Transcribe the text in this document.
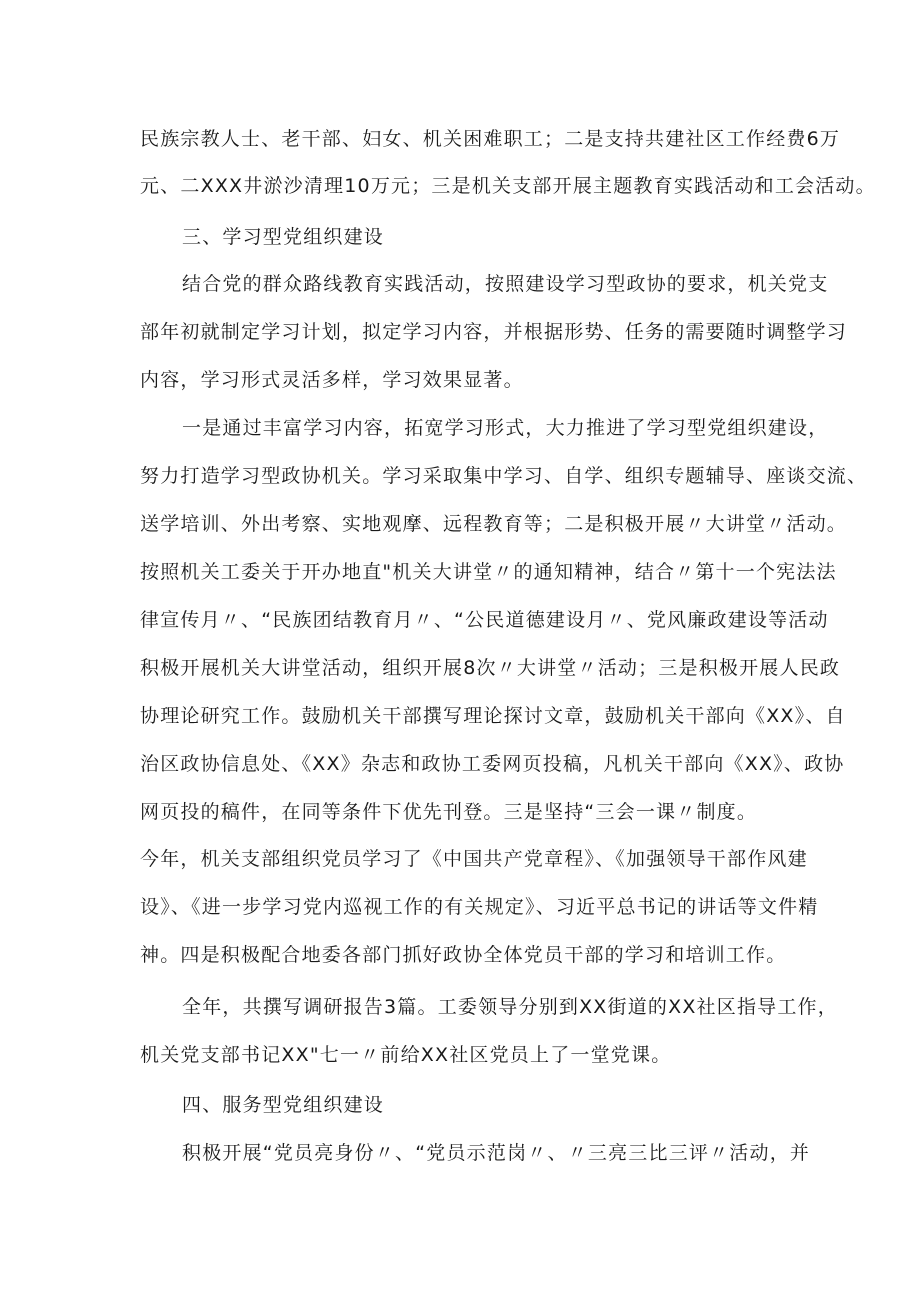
民族宗教人士、老干部、妇女、机关困难职工；二是支持共建社区工作经费6万
元、二XXX井淤沙清理10万元；三是机关支部开展主题教育实践活动和工会活动。
三、学习型党组织建设
结合党的群众路线教育实践活动，按照建设学习型政协的要求，机关党支
部年初就制定学习计划，拟定学习内容，并根据形势、任务的需要随时调整学习
内容，学习形式灵活多样，学习效果显著。
一是通过丰富学习内容，拓宽学习形式，大力推进了学习型党组织建设，
努力打造学习型政协机关。学习采取集中学习、自学、组织专题辅导、座谈交流、
送学培训、外出考察、实地观摩、远程教育等；二是积极开展〃大讲堂〃活动。
按照机关工委关于开办地直"机关大讲堂〃的通知精神，结合〃第十一个宪法法
律宣传月〃、“民族团结教育月〃、“公民道德建设月〃、党风廉政建设等活动
积极开展机关大讲堂活动，组织开展8次〃大讲堂〃活动；三是积极开展人民政
协理论研究工作。鼓励机关干部撰写理论探讨文章，鼓励机关干部向《XX》、自
治区政协信息处、《XX》杂志和政协工委网页投稿，凡机关干部向《XX》、政协
网页投的稿件，在同等条件下优先刊登。三是坚持“三会一课〃制度。
今年，机关支部组织党员学习了《中国共产党章程》、《加强领导干部作风建
设》、《进一步学习党内巡视工作的有关规定》、习近平总书记的讲话等文件精
神。四是积极配合地委各部门抓好政协全体党员干部的学习和培训工作。
全年，共撰写调研报告3篇。工委领导分别到XX街道的XX社区指导工作，
机关党支部书记XX"七一〃前给XX社区党员上了一堂党课。
四、服务型党组织建设
积极开展“党员亮身份〃、“党员示范岗〃、〃三亮三比三评〃活动，并
